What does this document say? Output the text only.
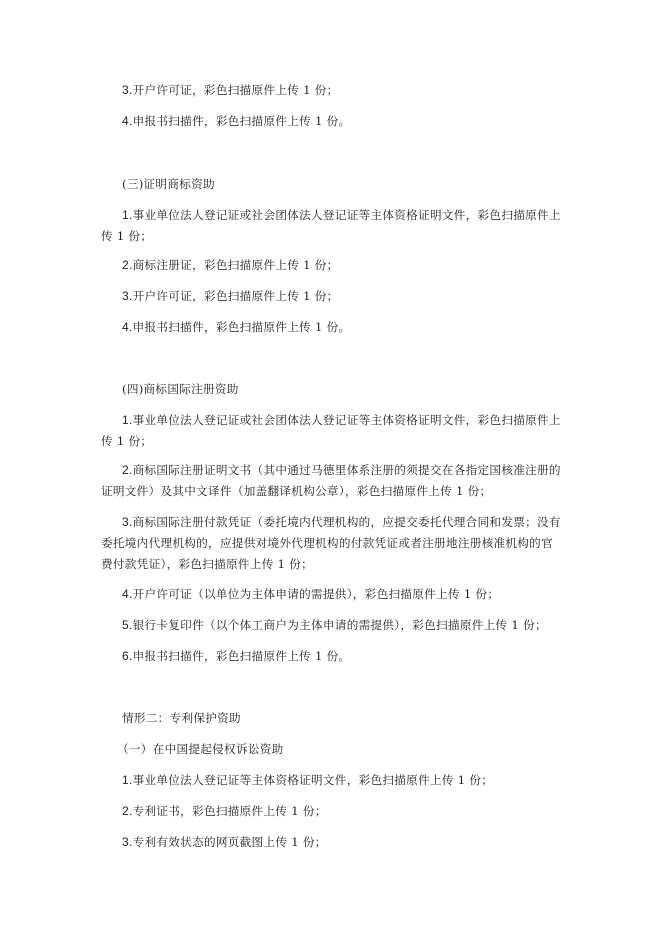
3.开户许可证，彩色扫描原件上传 1 份；

4.申报书扫描件，彩色扫描原件上传 1 份。

(三)证明商标资助

1.事业单位法人登记证或社会团体法人登记证等主体资格证明文件，彩色扫描原件上传 1 份；

2.商标注册证，彩色扫描原件上传 1 份；

3.开户许可证，彩色扫描原件上传 1 份；

4.申报书扫描件，彩色扫描原件上传 1 份。

(四)商标国际注册资助

1.事业单位法人登记证或社会团体法人登记证等主体资格证明文件，彩色扫描原件上传 1 份；

2.商标国际注册证明文书（其中通过马德里体系注册的须提交在各指定国核准注册的证明文件）及其中文译件（加盖翻译机构公章），彩色扫描原件上传 1 份；

3.商标国际注册付款凭证（委托境内代理机构的，应提交委托代理合同和发票；没有委托境内代理机构的，应提供对境外代理机构的付款凭证或者注册地注册核准机构的官费付款凭证），彩色扫描原件上传 1 份；

4.开户许可证（以单位为主体申请的需提供），彩色扫描原件上传 1 份；

5.银行卡复印件（以个体工商户为主体申请的需提供），彩色扫描原件上传 1 份；

6.申报书扫描件，彩色扫描原件上传 1 份。

情形二：专利保护资助

（一）在中国提起侵权诉讼资助

1.事业单位法人登记证等主体资格证明文件，彩色扫描原件上传 1 份；

2.专利证书，彩色扫描原件上传 1 份；

3.专利有效状态的网页截图上传 1 份；
